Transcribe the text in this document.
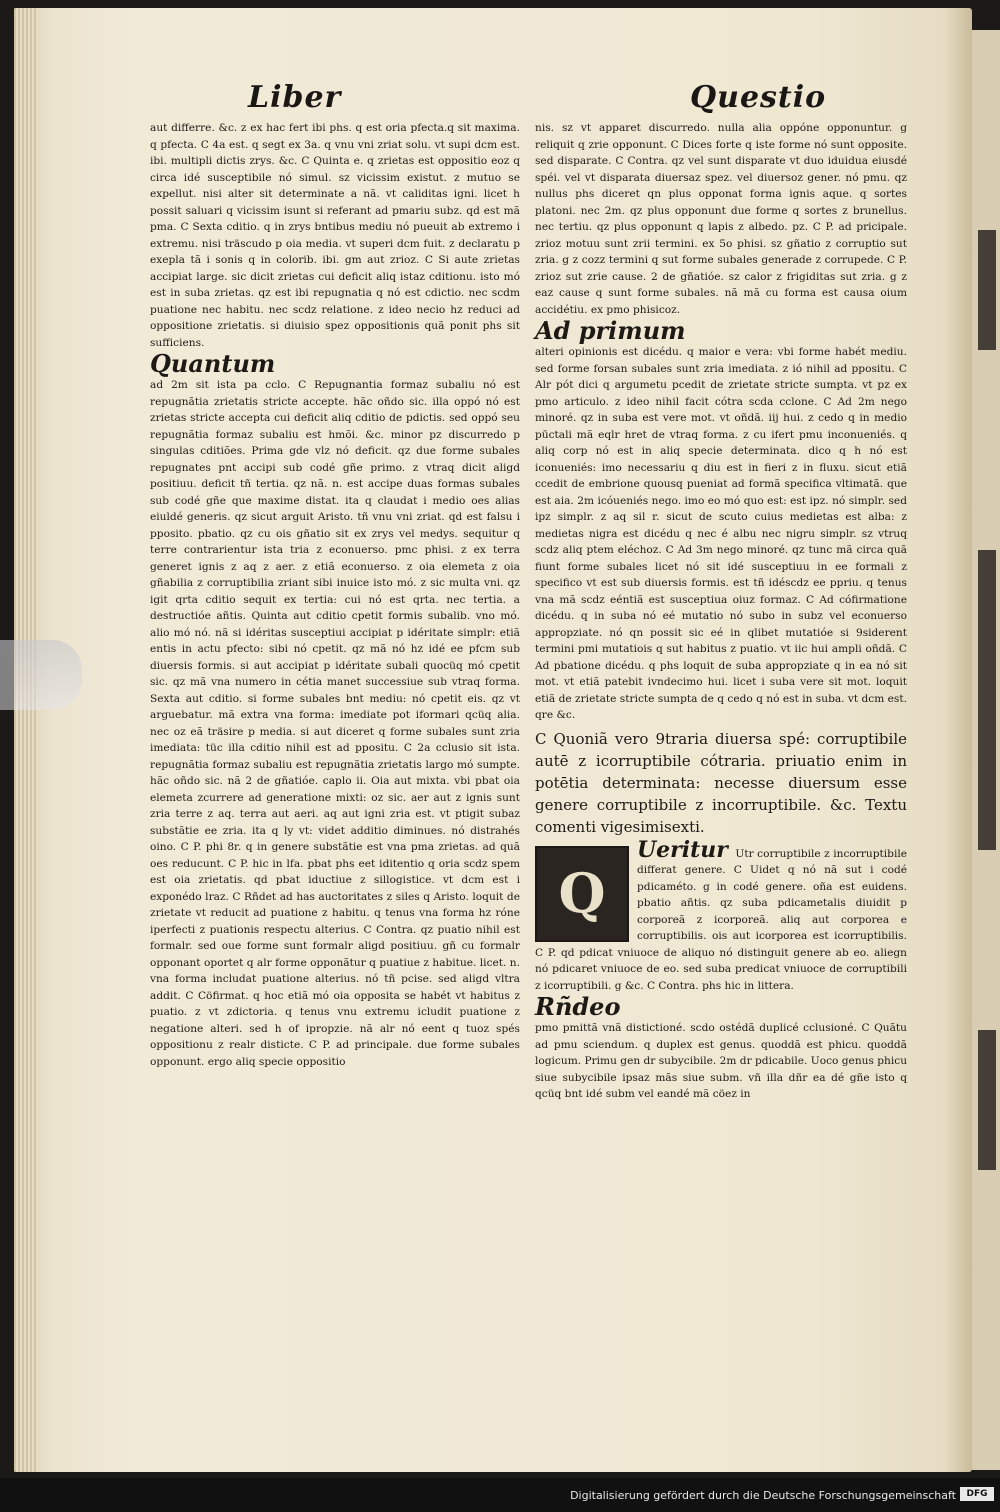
Liber	Questio

aut differre. &c. z ex hac fert ibi phs. q est oria pfecta.q sit maxima. q pfecta. C 4a est. q segt ex 3a. q vnu vni zriat solu. vt supi dcm est. ibi. multipli dictis zrys. &c. C Quinta e. q zrietas est oppositio eoz q circa idé susceptibile nó simul. sz vicissim existut. z mutuo se expellut. nisi alter sit determinate a nã. vt caliditas igni. licet h possit saluari q vicissim isunt si referant ad pmariu subz. qd est mã pma. C Sexta cditio. q in zrys bntibus mediu nó pueuit ab extremo i extremu. nisi träscudo p oia media. vt superi dcm fuit. z declaratu p exepla tã i sonis q in colorib. ibi. gm aut zrioz. C Si aute zrietas accipiat large. sic dicit zrietas cui deficit aliq istaz cditionu. isto mó est in suba zrietas. qz est ibi repugnatia q nó est cdictio. nec scdm puatione nec habitu. nec scdz relatione. z ideo necio hz reduci ad oppositione zrietatis. si diuisio spez oppositionis quã ponit phs sit sufficiens.

Quantum

ad 2m sit ista pa cclo. C Repugnantia formaz subaliu nó est repugnãtia zrietatis stricte accepte. hãc oñdo sic. illa oppó nó est zrietas stricte accepta cui deficit aliq cditio de pdictis. sed oppó seu repugnãtia formaz subaliu est hmõi. &c. minor pz discurredo p singulas cditiões. Prima gde vlz nó deficit. qz due forme subales repugnates pnt accipi sub codé gñe primo. z vtraq dicit aligd positiuu. deficit tñ tertia. qz nã. n. est accipe duas formas subales sub codé gñe que maxime distat. ita q claudat i medio oes alias eiuldé generis. qz sicut arguit Aristo. tñ vnu vni zriat. qd est falsu i pposito. pbatio. qz cu ois gñatio sit ex zrys vel medys. sequitur q terre contrarientur ista tria z econuerso. pmc phisi. z ex terra generet ignis z aq z aer. z etiã econuerso. z oia elemeta z oia gñabilia z corruptibilia zriant sibi inuice isto mó. z sic multa vni. qz igit qrta cditio sequit ex tertia: cui nó est qrta. nec tertia. a destructióe añtis. Quinta aut cditio cpetit formis subalib. vno mó. alio mó nó. nã si idéritas susceptiui accipiat p idéritate simplr: etiã entis in actu pfecto: sibi nó cpetit. qz mã nó hz idé ee pfcm sub diuersis formis. si aut accipiat p idéritate subali quocüq mó cpetit sic. qz mã vna numero in cétia manet successiue sub vtraq forma. Sexta aut cditio. si forme subales bnt mediu: nó cpetit eis. qz vt arguebatur. mã extra vna forma: imediate pot iformari qcüq alia. nec oz eã träsire p media. si aut diceret q forme subales sunt zria imediata: tüc illa cditio nihil est ad ppositu. C 2a cclusio sit ista. repugnãtia formaz subaliu est repugnãtia zrietatis largo mó sumpte. hãc oñdo sic. nã 2 de gñatióe. caplo ii. Oia aut mixta. vbi pbat oia elemeta zcurrere ad generatione mixti: oz sic. aer aut z ignis sunt zria terre z aq. terra aut aeri. aq aut igni zria est. vt ptigit subaz substãtie ee zria. ita q ly vt: videt additio diminues. nó distrahés oino. C P. phi 8r. q in genere substãtie est vna pma zrietas. ad quã oes reducunt. C P. hic in lfa. pbat phs eet iditentio q oria scdz spem est oia zrietatis. qd pbat iductiue z sillogistice. vt dcm est i exponédo lraz. C Rñdet ad has auctoritates z siles q Aristo. loquit de zrietate vt reducit ad puatione z habitu. q tenus vna forma hz róne iperfecti z puationis respectu alterius. C Contra. qz puatio nihil est formalr. sed oue forme sunt formalr aligd positiuu. gñ cu formalr opponant oportet q alr forme opponãtur q puatiue z habitue. licet. n. vna forma includat puatione alterius. nó tñ pcise. sed aligd vltra addit. C Cöfirmat. q hoc etiã mó oia opposita se habét vt habitus z puatio. z vt zdictoria. q tenus vnu extremu icludit puatione z negatione alteri. sed h of ipropzie. nã alr nó eent q tuoz spés oppositionu z realr disticte. C P. ad principale. due forme subales opponunt. ergo aliq specie oppositio

nis. sz vt apparet discurredo. nulla alia oppóne opponuntur. g reliquit q zrie opponunt. C Dices forte q iste forme nó sunt opposite. sed disparate. C Contra. qz vel sunt disparate vt duo iduidua eiusdé spéi. vel vt disparata diuersaz spez. vel diuersoz gener. nó pmu. qz nullus phs diceret qn plus opponat forma ignis aque. q sortes platoni. nec 2m. qz plus opponunt due forme q sortes z brunellus. nec tertiu. qz plus opponunt q lapis z albedo. pz. C P. ad pricipale. zrioz motuu sunt zrii termini. ex 5o phisi. sz gñatio z corruptio sut zria. g z cozz termini q sut forme subales generade z corrupede. C P. zrioz sut zrie cause. 2 de gñatióe. sz calor z frigiditas sut zria. g z eaz cause q sunt forme subales. nã mã cu forma est causa oium accidétiu. ex pmo phisicoz.

Ad primum

alteri opinionis est dicédu. q maior e vera: vbi forme habét mediu. sed forme forsan subales sunt zria imediata. z ió nihil ad ppositu. C Alr pót dici q argumetu pcedit de zrietate stricte sumpta. vt pz ex pmo articulo. z ideo nihil facit cótra scda cclone. C Ad 2m nego minoré. qz in suba est vere mot. vt oñdã. iij hui. z cedo q in medio pūctali mã eqlr hret de vtraq forma. z cu ifert pmu inconueniés. q aliq corp nó est in aliq specie determinata. dico q h nó est iconueniés: imo necessariu q diu est in fieri z in fluxu. sicut etiã ccedit de embrione quousq pueniat ad formã specifica vltimatã. que est aia. 2m icóueniés nego. imo eo mó quo est: est ipz. nó simplr. sed ipz simplr. z aq sil r. sicut de scuto cuius medietas est alba: z medietas nigra est dicédu q nec é albu nec nigru simplr. sz vtruq scdz aliq ptem eléchoz. C Ad 3m nego minoré. qz tunc mã circa quã fiunt forme subales licet nó sit idé susceptiuu in ee formali z specifico vt est sub diuersis formis. est tñ idéscdz ee ppriu. q tenus vna mã scdz eéntiã est susceptiua oiuz formaz. C Ad cófirmatione dicédu. q in suba nó eé mutatio nó subo in subz vel econuerso appropziate. nó qn possit sic eé in qlibet mutatióe si 9siderent termini pmi mutatiois q sut habitus z puatio. vt iic hui ampli oñdã. C Ad pbatione dicédu. q phs loquit de suba appropziate q in ea nó sit mot. vt etiã patebit ivndecimo hui. licet i suba vere sit mot. loquit etiã de zrietate stricte sumpta de q cedo q nó est in suba. vt dcm est. qre &c.

C Quoniã vero 9traria diuersa spé: corruptibile autē z icorruptibile cótraria. priuatio enim in potētia determinata: necesse diuersum esse genere corruptibile z incorruptibile. &c. Textu comenti vigesimisexti.

Q
Ueritur Utr corruptibile z incorruptibile differat genere. C Uidet q nó nã sut i codé pdicaméto. g in codé genere. oña est euidens. pbatio añtis. qz suba pdicametalis diuidit p corporeã z icorporeã. aliq aut corporea e corruptibilis. ois aut icorporea est icorruptibilis. C P. qd pdicat vniuoce de aliquo nó distinguit genere ab eo. aliegn nó pdicaret vniuoce de eo. sed suba predicat vniuoce de corruptibili z icorruptibili. g &c. C Contra. phs hic in littera.
Rñdeo

pmo pmittã vnã distictioné. scdo ostédã duplicé cclusioné. C Quãtu ad pmu sciendum. q duplex est genus. quoddã est phicu. quoddã logicum. Primu gen dr subycibile. 2m dr pdicabile. Uoco genus phicu siue subycibile ipsaz mãs siue subm. vñ illa dñr ea dé gñe isto q qcüq bnt idé subm vel eandé mã cöez in

Digitalisierung gefördert durch die Deutsche Forschungsgemeinschaft	DFG
